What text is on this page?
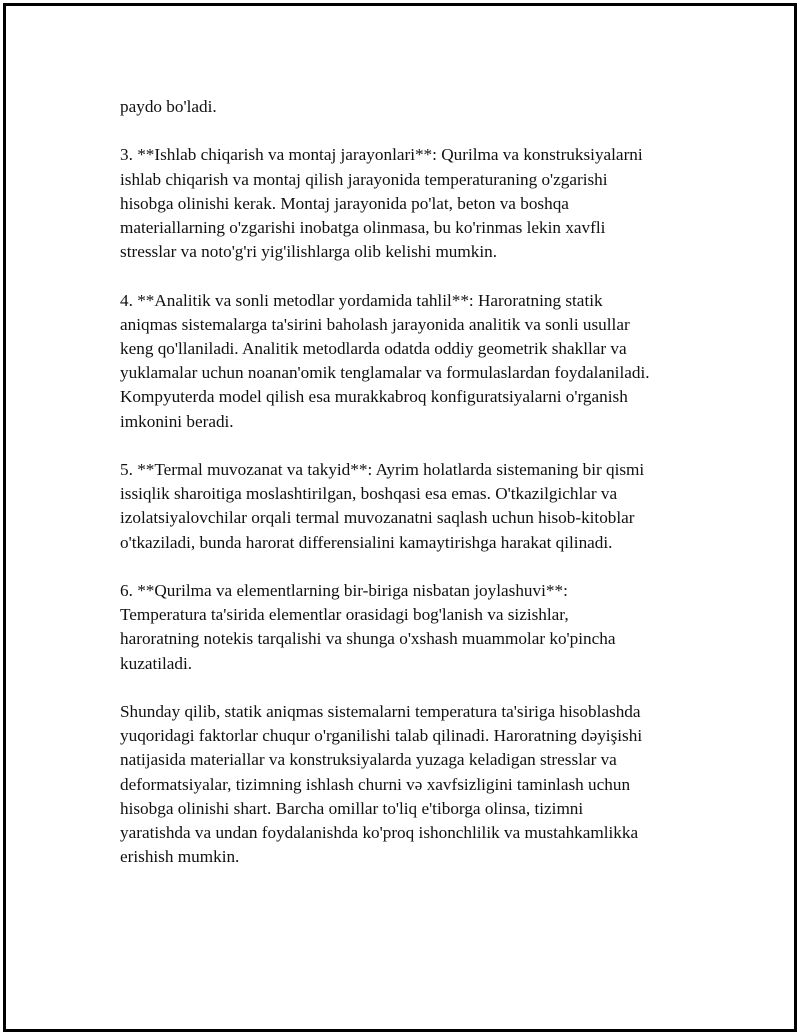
paydo bo'ladi.

3. **Ishlab chiqarish va montaj jarayonlari**: Qurilma va konstruksiyalarni
ishlab chiqarish va montaj qilish jarayonida temperaturaning o'zgarishi
hisobga olinishi kerak. Montaj jarayonida po'lat, beton va boshqa
materiallarning o'zgarishi inobatga olinmasa, bu ko'rinmas lekin xavfli
stresslar va noto'g'ri yig'ilishlarga olib kelishi mumkin.

4. **Analitik va sonli metodlar yordamida tahlil**: Haroratning statik
aniqmas sistemalarga ta'sirini baholash jarayonida analitik va sonli usullar
keng qo'llaniladi. Analitik metodlarda odatda oddiy geometrik shakllar va
yuklamalar uchun noanan'omik tenglamalar va formulaslardan foydalaniladi.
Kompyuterda model qilish esa murakkabroq konfiguratsiyalarni o'rganish
imkonini beradi.

5. **Termal muvozanat va takyid**: Ayrim holatlarda sistemaning bir qismi
issiqlik sharoitiga moslashtirilgan, boshqasi esa emas. O'tkazilgichlar va
izolatsiyalovchilar orqali termal muvozanatni saqlash uchun hisob-kitoblar
o'tkaziladi, bunda harorat differensialini kamaytirishga harakat qilinadi.

6. **Qurilma va elementlarning bir-biriga nisbatan joylashuvi**:
Temperatura ta'sirida elementlar orasidagi bog'lanish va sizishlar,
haroratning notekis tarqalishi va shunga o'xshash muammolar ko'pincha
kuzatiladi.

Shunday qilib, statik aniqmas sistemalarni temperatura ta'siriga hisoblashda
yuqoridagi faktorlar chuqur o'rganilishi talab qilinadi. Haroratning dəyişishi
natijasida materiallar va konstruksiyalarda yuzaga keladigan stresslar va
deformatsiyalar, tizimning ishlash churni və xavfsizligini taminlash uchun
hisobga olinishi shart. Barcha omillar to'liq e'tiborga olinsa, tizimni
yaratishda va undan foydalanishda ko'proq ishonchlilik va mustahkamlikka
erishish mumkin.
